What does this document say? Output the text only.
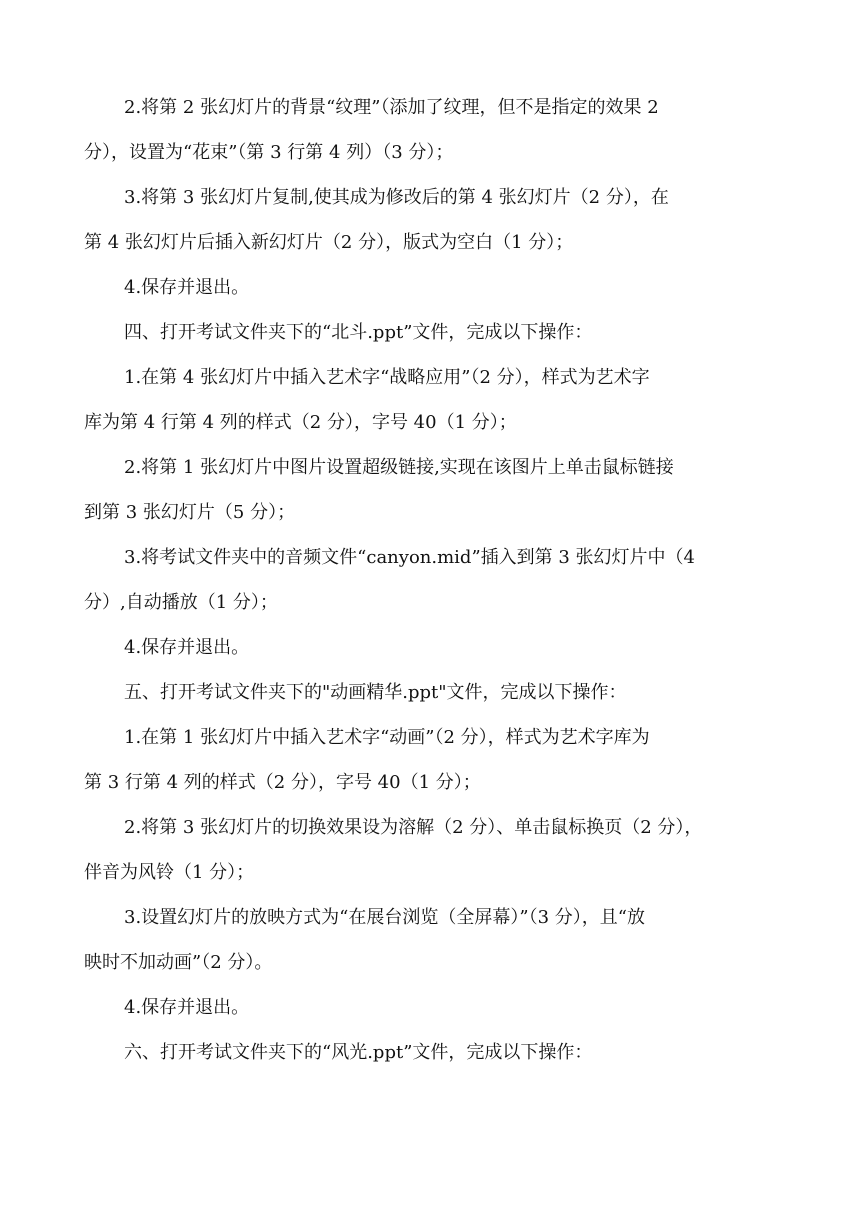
2.将第 2 张幻灯片的背景“纹理”（添加了纹理，但不是指定的效果 2
分），设置为“花束”（第 3 行第 4 列）（3 分）；
3.将第 3 张幻灯片复制,使其成为修改后的第 4 张幻灯片（2 分），在
第 4 张幻灯片后插入新幻灯片（2 分），版式为空白（1 分）；
4.保存并退出。
四、打开考试文件夹下的“北斗.ppt”文件，完成以下操作：
1.在第 4 张幻灯片中插入艺术字“战略应用”（2 分），样式为艺术字
库为第 4 行第 4 列的样式（2 分），字号 40（1 分）；
2.将第 1 张幻灯片中图片设置超级链接,实现在该图片上单击鼠标链接
到第 3 张幻灯片（5 分）；
3.将考试文件夹中的音频文件“canyon.mid”插入到第 3 张幻灯片中（4
分）,自动播放（1 分）；
4.保存并退出。
五、打开考试文件夹下的"动画精华.ppt"文件，完成以下操作：
1.在第 1 张幻灯片中插入艺术字“动画”（2 分），样式为艺术字库为
第 3 行第 4 列的样式（2 分），字号 40（1 分）；
2.将第 3 张幻灯片的切换效果设为溶解（2 分）、单击鼠标换页（2 分），
伴音为风铃（1 分）；
3.设置幻灯片的放映方式为“在展台浏览（全屏幕）”（3 分），且“放
映时不加动画”（2 分）。
4.保存并退出。
六、打开考试文件夹下的“风光.ppt”文件，完成以下操作：
